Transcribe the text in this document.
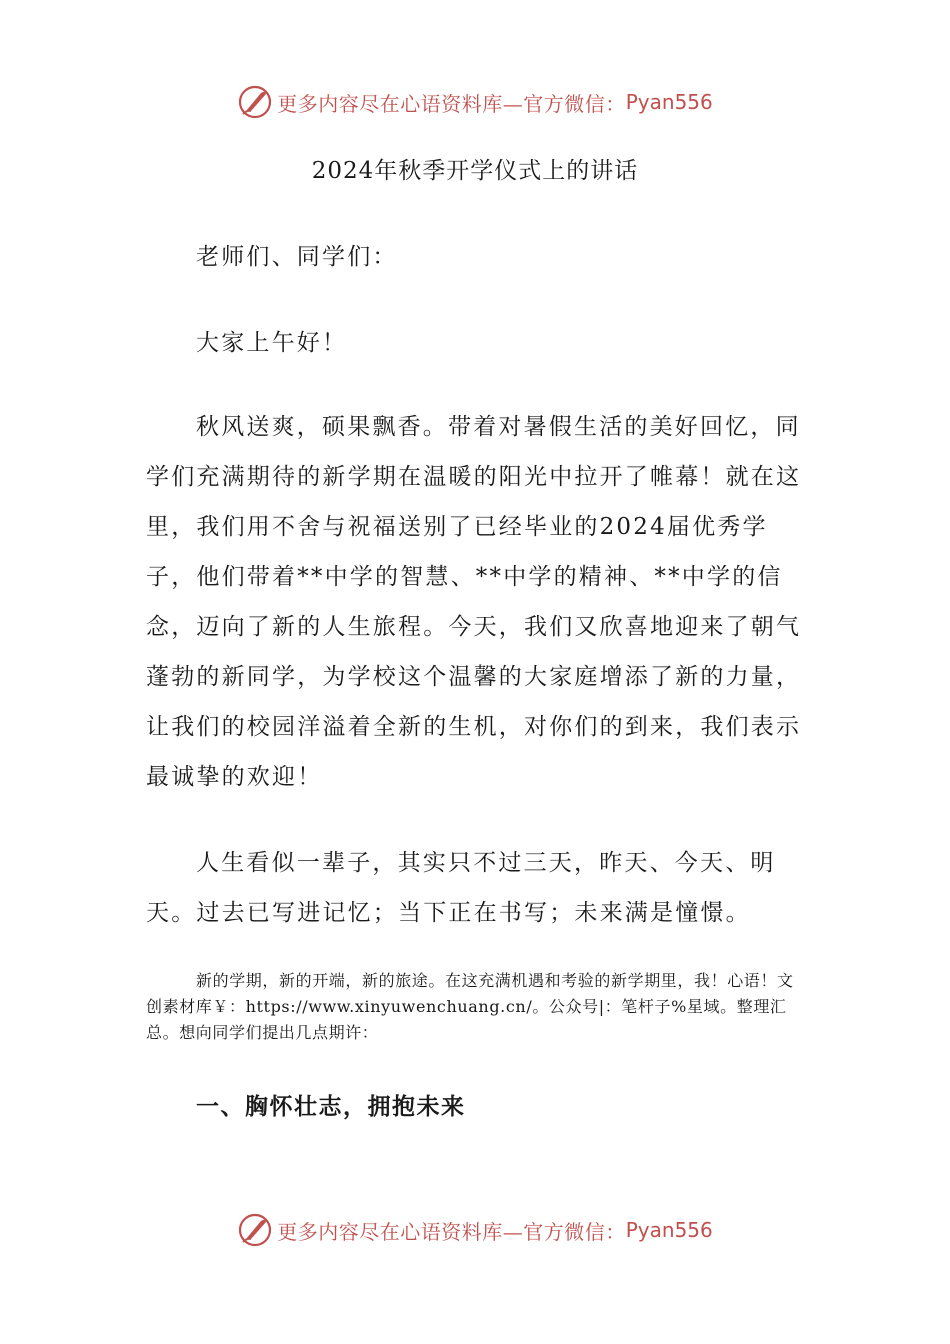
更多内容尽在心语资料库—官方微信： Pyan556
2024年秋季开学仪式上的讲话

老师们、同学们：

大家上午好！

秋风送爽，硕果飘香。带着对暑假生活的美好回忆，同学们充满期待的新学期在温暖的阳光中拉开了帷幕！就在这里，我们用不舍与祝福送别了已经毕业的2024届优秀学子，他们带着**中学的智慧、**中学的精神、**中学的信念，迈向了新的人生旅程。今天，我们又欣喜地迎来了朝气蓬勃的新同学，为学校这个温馨的大家庭增添了新的力量，让我们的校园洋溢着全新的生机，对你们的到来，我们表示最诚挚的欢迎！

人生看似一辈子，其实只不过三天，昨天、今天、明天。过去已写进记忆；当下正在书写；未来满是憧憬。

新的学期，新的开端，新的旅途。在这充满机遇和考验的新学期里，我！心语！文创素材库￥：https://www.xinyuwenchuang.cn/。公众号|：笔杆子%星域。整理汇总。想向同学们提出几点期许：

一、胸怀壮志，拥抱未来
更多内容尽在心语资料库—官方微信： Pyan556
